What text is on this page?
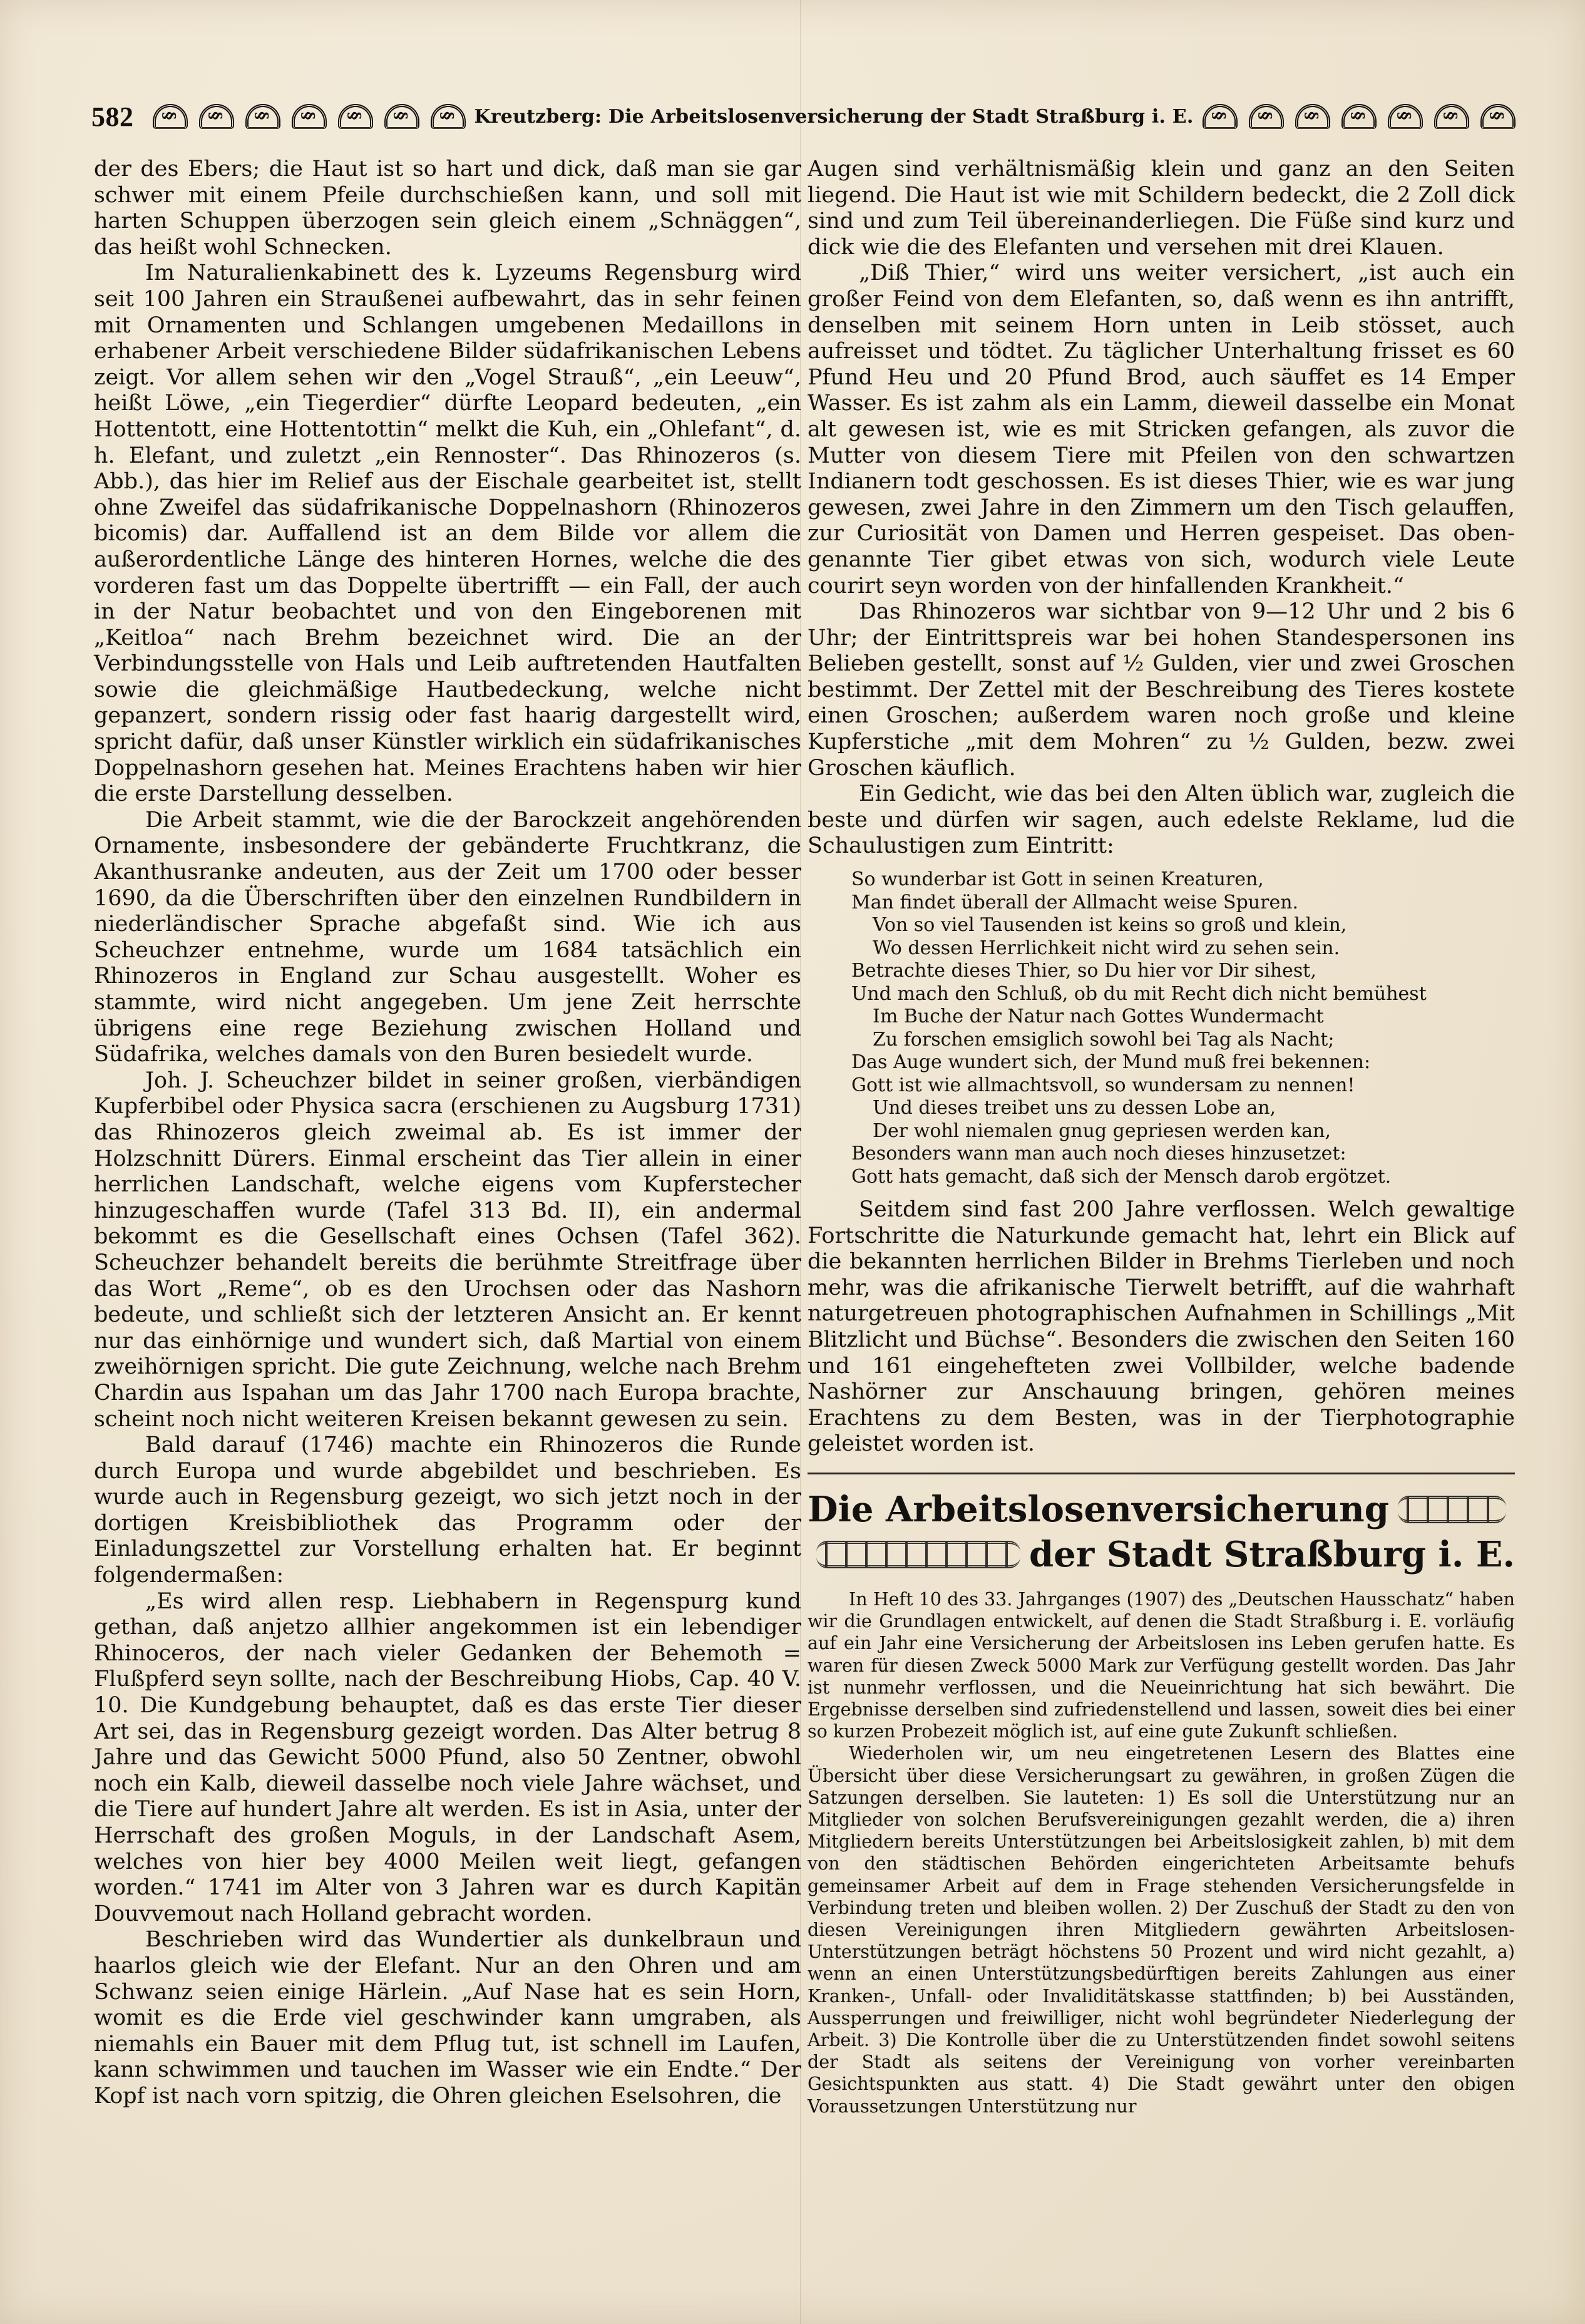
582 § § § § § § §	Kreutzberg: Die Arbeitslosenversicherung der Stadt Straßburg i. E.
§
§
§
§
§
§
§

der des Ebers; die Haut ist so hart und dick, daß man sie gar schwer mit einem Pfeile durchschießen kann, und soll mit harten Schuppen überzogen sein gleich einem „Schnäggen“, das heißt wohl Schnecken.

Im Naturalienkabinett des k. Lyzeums Regensburg wird seit 100 Jahren ein Straußenei aufbewahrt, das in sehr feinen mit Ornamenten und Schlangen umgebenen Medaillons in erhabener Arbeit verschiedene Bilder südafrikanischen Lebens zeigt. Vor allem sehen wir den „Vogel Strauß“, „ein Leeuw“, heißt Löwe, „ein Tiegerdier“ dürfte Leopard bedeuten, „ein Hottentott, eine Hottentottin“ melkt die Kuh, ein „Ohlefant“, d. h. Elefant, und zuletzt „ein Rennoster“. Das Rhinozeros (s. Abb.), das hier im Relief aus der Eischale gearbeitet ist, stellt ohne Zweifel das südafrikanische Doppelnashorn (Rhinozeros bicomis) dar. Auffallend ist an dem Bilde vor allem die außerordentliche Länge des hinteren Hornes, welche die des vorderen fast um das Doppelte übertrifft — ein Fall, der auch in der Natur beobachtet und von den Eingeborenen mit „Keitloa“ nach Brehm bezeichnet wird. Die an der Verbindungsstelle von Hals und Leib auftretenden Hautfalten sowie die gleichmäßige Hautbedeckung, welche nicht gepanzert, sondern rissig oder fast haarig dargestellt wird, spricht dafür, daß unser Künstler wirklich ein südafrikanisches Doppelnashorn gesehen hat. Meines Erachtens haben wir hier die erste Darstellung desselben.

Die Arbeit stammt, wie die der Barockzeit angehörenden Ornamente, insbesondere der gebänderte Fruchtkranz, die Akanthusranke andeuten, aus der Zeit um 1700 oder besser 1690, da die Überschriften über den einzelnen Rundbildern in niederländischer Sprache abgefaßt sind. Wie ich aus Scheuchzer entnehme, wurde um 1684 tatsächlich ein Rhinozeros in England zur Schau ausgestellt. Woher es stammte, wird nicht angegeben. Um jene Zeit herrschte übrigens eine rege Beziehung zwischen Holland und Südafrika, welches damals von den Buren besiedelt wurde.

Joh. J. Scheuchzer bildet in seiner großen, vierbändigen Kupferbibel oder Physica sacra (erschienen zu Augsburg 1731) das Rhinozeros gleich zweimal ab. Es ist immer der Holzschnitt Dürers. Einmal erscheint das Tier allein in einer herrlichen Landschaft, welche eigens vom Kupferstecher hinzugeschaffen wurde (Tafel 313 Bd. II), ein andermal bekommt es die Gesellschaft eines Ochsen (Tafel 362). Scheuchzer behandelt bereits die berühmte Streitfrage über das Wort „Reme“, ob es den Urochsen oder das Nashorn bedeute, und schließt sich der letzteren Ansicht an. Er kennt nur das einhörnige und wundert sich, daß Martial von einem zweihörnigen spricht. Die gute Zeichnung, welche nach Brehm Chardin aus Ispahan um das Jahr 1700 nach Europa brachte, scheint noch nicht weiteren Kreisen bekannt gewesen zu sein.

Bald darauf (1746) machte ein Rhinozeros die Runde durch Europa und wurde abgebildet und beschrieben. Es wurde auch in Regensburg gezeigt, wo sich jetzt noch in der dortigen Kreisbibliothek das Programm oder der Einladungszettel zur Vorstellung erhalten hat. Er beginnt folgendermaßen:

„Es wird allen resp. Liebhabern in Regenspurg kund gethan, daß anjetzo allhier angekommen ist ein lebendiger Rhinoceros, der nach vieler Gedanken der Behemoth = Flußpferd seyn sollte, nach der Beschreibung Hiobs, Cap. 40 V. 10. Die Kundgebung behauptet, daß es das erste Tier dieser Art sei, das in Regensburg gezeigt worden. Das Alter betrug 8 Jahre und das Gewicht 5000 Pfund, also 50 Zentner, obwohl noch ein Kalb, dieweil dasselbe noch viele Jahre wächset, und die Tiere auf hundert Jahre alt werden. Es ist in Asia, unter der Herrschaft des großen Moguls, in der Landschaft Asem, welches von hier bey 4000 Meilen weit liegt, gefangen worden.“ 1741 im Alter von 3 Jahren war es durch Kapitän Douvvemout nach Holland gebracht worden.

Beschrieben wird das Wundertier als dunkelbraun und haarlos gleich wie der Elefant. Nur an den Ohren und am Schwanz seien einige Härlein. „Auf Nase hat es sein Horn, womit es die Erde viel geschwinder kann umgraben, als niemahls ein Bauer mit dem Pflug tut, ist schnell im Laufen, kann schwimmen und tauchen im Wasser wie ein Endte.“ Der Kopf ist nach vorn spitzig, die Ohren gleichen Eselsohren, die

Augen sind verhältnismäßig klein und ganz an den Seiten liegend. Die Haut ist wie mit Schildern bedeckt, die 2 Zoll dick sind und zum Teil übereinanderliegen. Die Füße sind kurz und dick wie die des Elefanten und versehen mit drei Klauen.

„Diß Thier,“ wird uns weiter versichert, „ist auch ein großer Feind von dem Elefanten, so, daß wenn es ihn antrifft, denselben mit seinem Horn unten in Leib stösset, auch aufreisset und tödtet. Zu täglicher Unterhaltung frisset es 60 Pfund Heu und 20 Pfund Brod, auch säuffet es 14 Emper Wasser. Es ist zahm als ein Lamm, dieweil dasselbe ein Monat alt gewesen ist, wie es mit Stricken gefangen, als zuvor die Mutter von diesem Tiere mit Pfeilen von den schwartzen Indianern todt geschossen. Es ist dieses Thier, wie es war jung gewesen, zwei Jahre in den Zimmern um den Tisch gelauffen, zur Curiosität von Damen und Herren gespeiset. Das oben-genannte Tier gibet etwas von sich, wodurch viele Leute courirt seyn worden von der hinfallenden Krankheit.“

Das Rhinozeros war sichtbar von 9—12 Uhr und 2 bis 6 Uhr; der Eintrittspreis war bei hohen Standespersonen ins Belieben gestellt, sonst auf ½ Gulden, vier und zwei Groschen bestimmt. Der Zettel mit der Beschreibung des Tieres kostete einen Groschen; außerdem waren noch große und kleine Kupferstiche „mit dem Mohren“ zu ½ Gulden, bezw. zwei Groschen käuflich.

Ein Gedicht, wie das bei den Alten üblich war, zugleich die beste und dürfen wir sagen, auch edelste Reklame, lud die Schaulustigen zum Eintritt:

So wunderbar ist Gott in seinen Kreaturen,
Man findet überall der Allmacht weise Spuren.
Von so viel Tausenden ist keins so groß und klein,
Wo dessen Herrlichkeit nicht wird zu sehen sein.
Betrachte dieses Thier, so Du hier vor Dir sihest,
Und mach den Schluß, ob du mit Recht dich nicht bemühest
Im Buche der Natur nach Gottes Wundermacht
Zu forschen emsiglich sowohl bei Tag als Nacht;
Das Auge wundert sich, der Mund muß frei bekennen:
Gott ist wie allmachtsvoll, so wundersam zu nennen!
Und dieses treibet uns zu dessen Lobe an,
Der wohl niemalen gnug gepriesen werden kan,
Besonders wann man auch noch dieses hinzusetzet:
Gott hats gemacht, daß sich der Mensch darob ergötzet.

Seitdem sind fast 200 Jahre verflossen. Welch gewaltige Fortschritte die Naturkunde gemacht hat, lehrt ein Blick auf die bekannten herrlichen Bilder in Brehms Tierleben und noch mehr, was die afrikanische Tierwelt betrifft, auf die wahrhaft naturgetreuen photographischen Aufnahmen in Schillings „Mit Blitzlicht und Büchse“. Besonders die zwischen den Seiten 160 und 161 eingehefteten zwei Vollbilder, welche badende Nashörner zur Anschauung bringen, gehören meines Erachtens zu dem Besten, was in der Tierphotographie geleistet worden ist.

Die Arbeitslosenversicherung
der Stadt Straßburg i. E.

In Heft 10 des 33. Jahrganges (1907) des „Deutschen Hausschatz“ haben wir die Grundlagen entwickelt, auf denen die Stadt Straßburg i. E. vorläufig auf ein Jahr eine Versicherung der Arbeitslosen ins Leben gerufen hatte. Es waren für diesen Zweck 5000 Mark zur Verfügung gestellt worden. Das Jahr ist nunmehr verflossen, und die Neueinrichtung hat sich bewährt. Die Ergebnisse derselben sind zufriedenstellend und lassen, soweit dies bei einer so kurzen Probezeit möglich ist, auf eine gute Zukunft schließen.

Wiederholen wir, um neu eingetretenen Lesern des Blattes eine Übersicht über diese Versicherungsart zu gewähren, in großen Zügen die Satzungen derselben. Sie lauteten: 1) Es soll die Unterstützung nur an Mitglieder von solchen Berufsvereinigungen gezahlt werden, die a) ihren Mitgliedern bereits Unterstützungen bei Arbeitslosigkeit zahlen, b) mit dem von den städtischen Behörden eingerichteten Arbeitsamte behufs gemeinsamer Arbeit auf dem in Frage stehenden Versicherungsfelde in Verbindung treten und bleiben wollen. 2) Der Zuschuß der Stadt zu den von diesen Vereinigungen ihren Mitgliedern gewährten Arbeitslosen-Unterstützungen beträgt höchstens 50 Prozent und wird nicht gezahlt, a) wenn an einen Unterstützungsbedürftigen bereits Zahlungen aus einer Kranken-, Unfall- oder Invaliditätskasse stattfinden; b) bei Ausständen, Aussperrungen und freiwilliger, nicht wohl begründeter Niederlegung der Arbeit. 3) Die Kontrolle über die zu Unterstützenden findet sowohl seitens der Stadt als seitens der Vereinigung von vorher vereinbarten Gesichtspunkten aus statt. 4) Die Stadt gewährt unter den obigen Voraussetzungen Unterstützung nur
